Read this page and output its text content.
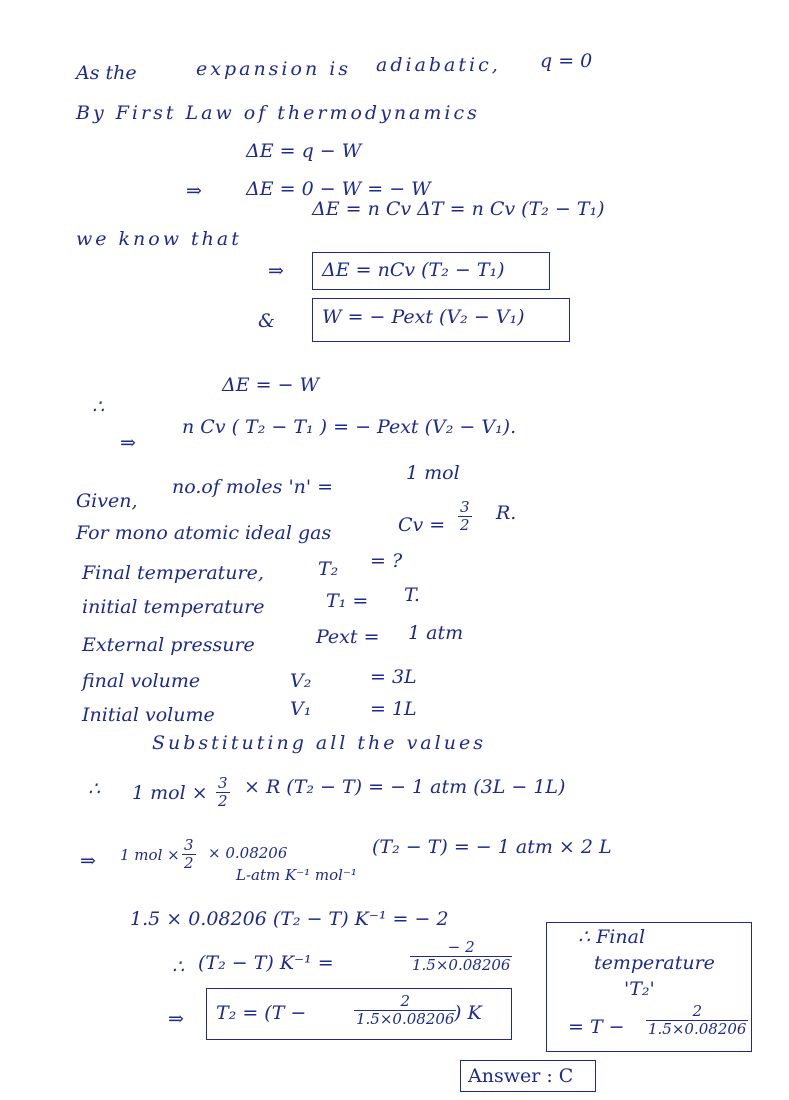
As the	expansion is adiabatic, q = 0
By First Law of thermodynamics
ΔE = q − W
⇒ ΔE = 0 − W = − W
we know that
ΔE = n Cv ΔT = n Cv (T₂ − T₁)
⇒ ΔE = nCv (T₂ − T₁)
& W = − Pext (V₂ − V₁)
ΔE = − W
∴
⇒
n Cv ( T₂ − T₁ ) = − Pext (V₂ − V₁).
Given,
no.of moles 'n' =
1 mol
For mono atomic ideal gas	$Cv = \frac{3}{2} R$.
Final temperature,	T₂ = ?
initial temperature	T₁ = T.
External pressure	Pext = 1 atm
final volume	V₂	= 3L
Initial volume	V₁	= 1L
Substituting all the values
∴ 1 mol × $\frac{3}{2} \times R$ (T₂ − T) = − 1 atm (3L − 1L)
⇒ 1 mol × $\frac{3}{2} \times 0.08206$
L-atm K⁻¹ mol⁻¹
(T₂ − T) = − 1 atm × 2 L
1.5 × 0.08206 (T₂ − T) K⁻¹ = − 2
∴ (T₂ − T) K⁻¹ =	$\frac{- 2}{1.5\times 0.08206}$
⇒ T₂ = (T −	$\frac{2}{1.5\times 0.08206}$
) K
∴ Final
temperature
'T₂'
= $T - \frac{2}{1.5\times 0.08206}$
Answer : C
